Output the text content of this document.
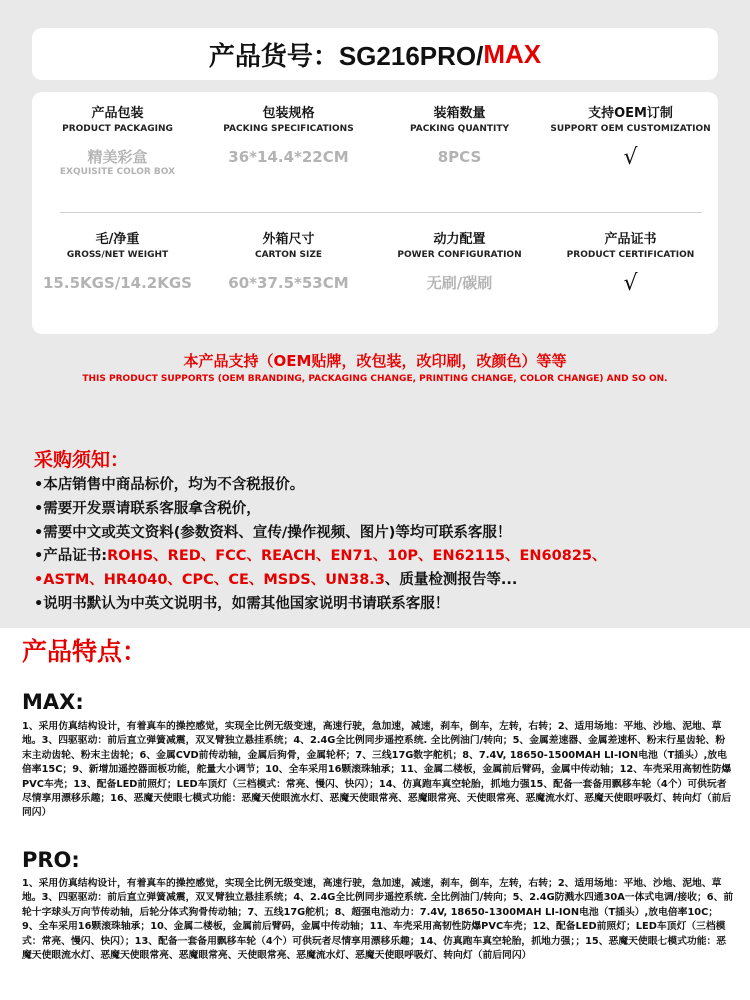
产品货号：SG216PRO/ MAX
产品包装
PRODUCT PACKAGING
精美彩盒
EXQUISITE COLOR BOX
包装规格
PACKING SPECIFICATIONS
36*14.4*22CM
装箱数量
PACKING QUANTITY
8PCS
支持OEM订制
SUPPORT OEM CUSTOMIZATION
√
毛/净重
GROSS/NET WEIGHT
15.5KGS/14.2KGS
外箱尺寸
CARTON SIZE
60*37.5*53CM
动力配置
POWER CONFIGURATION
无刷/碳刷
产品证书
PRODUCT CERTIFICATION
√
本产品支持（OEM贴牌，改包装，改印刷，改颜色）等等
THIS PRODUCT SUPPORTS (OEM BRANDING, PACKAGING CHANGE, PRINTING CHANGE, COLOR CHANGE) AND SO ON.
采购须知：
•本店销售中商品标价，均为不含税报价。
•需要开发票请联系客服拿含税价，
•需要中文或英文资料(参数资料、宣传/操作视频、图片)等均可联系客服！
•产品证书:ROHS、RED、FCC、REACH、EN71、10P、EN62115、EN60825、
•ASTM、HR4040、CPC、CE、MSDS、UN38.3、质量检测报告等...
•说明书默认为中英文说明书，如需其他国家说明书请联系客服！
产品特点：
MAX:
1、采用仿真结构设计，有着真车的操控感觉，实现全比例无级变速，高速行驶，急加速，减速，刹车，倒车，左转，右转；2、适用场地：平地、沙地、泥地、草地。3、四驱驱动：前后直立弹簧减震，双叉臂独立悬挂系统；4、2.4G全比例同步遥控系统. 全比例油门/转向；5、金属差速器、金属差速杯、粉末行星齿轮、粉末主动齿轮、粉末主齿轮；6、金属CVD前传动轴，金属后狗骨，金属轮杯；7、三线17G数字舵机；8、7.4V, 18650-1500MAH LI-ION电池（T插头）,放电倍率15C；9、新增加遥控器面板功能，舵量大小调节；10、全车采用16颗滚珠轴承；11、金属二楼板，金属前后臂码，金属中传动轴；12、车壳采用高韧性防爆PVC车壳；13、配备LED前照灯；LED车顶灯（三档模式：常亮、慢闪、快闪）；14、仿真跑车真空轮胎，抓地力强15、配备一套备用飘移车轮（4个）可供玩者尽情享用漂移乐趣；16、恶魔天使眼七模式功能：恶魔天使眼流水灯、恶魔天使眼常亮、恶魔眼常亮、天使眼常亮、恶魔流水灯、恶魔天使眼呼吸灯、转向灯（前后同闪）
PRO:
1、采用仿真结构设计，有着真车的操控感觉，实现全比例无级变速，高速行驶，急加速，减速，刹车，倒车，左转，右转；2、适用场地：平地、沙地、泥地、草地。3、四驱驱动：前后直立弹簧减震，双叉臂独立悬挂系统；4、2.4G全比例同步遥控系统. 全比例油门/转向；5、2.4G防溅水四通30A一体式电调/接收；6、前轮十字球头万向节传动轴，后轮分体式狗骨传动轴；7、五线17G舵机；8、超强电池动力：7.4V, 18650-1300MAH LI-ION电池（T插头）,放电倍率10C；9、全车采用16颗滚珠轴承；10、金属二楼板，金属前后臂码，金属中传动轴；11、车壳采用高韧性防爆PVC车壳；12、配备LED前照灯；LED车顶灯（三档模式：常亮、慢闪、快闪）；13、配备一套备用飘移车轮（4个）可供玩者尽情享用漂移乐趣；14、仿真跑车真空轮胎，抓地力强；；15、恶魔天使眼七模式功能：恶魔天使眼流水灯、恶魔天使眼常亮、恶魔眼常亮、天使眼常亮、恶魔流水灯、恶魔天使眼呼吸灯、转向灯（前后同闪）
